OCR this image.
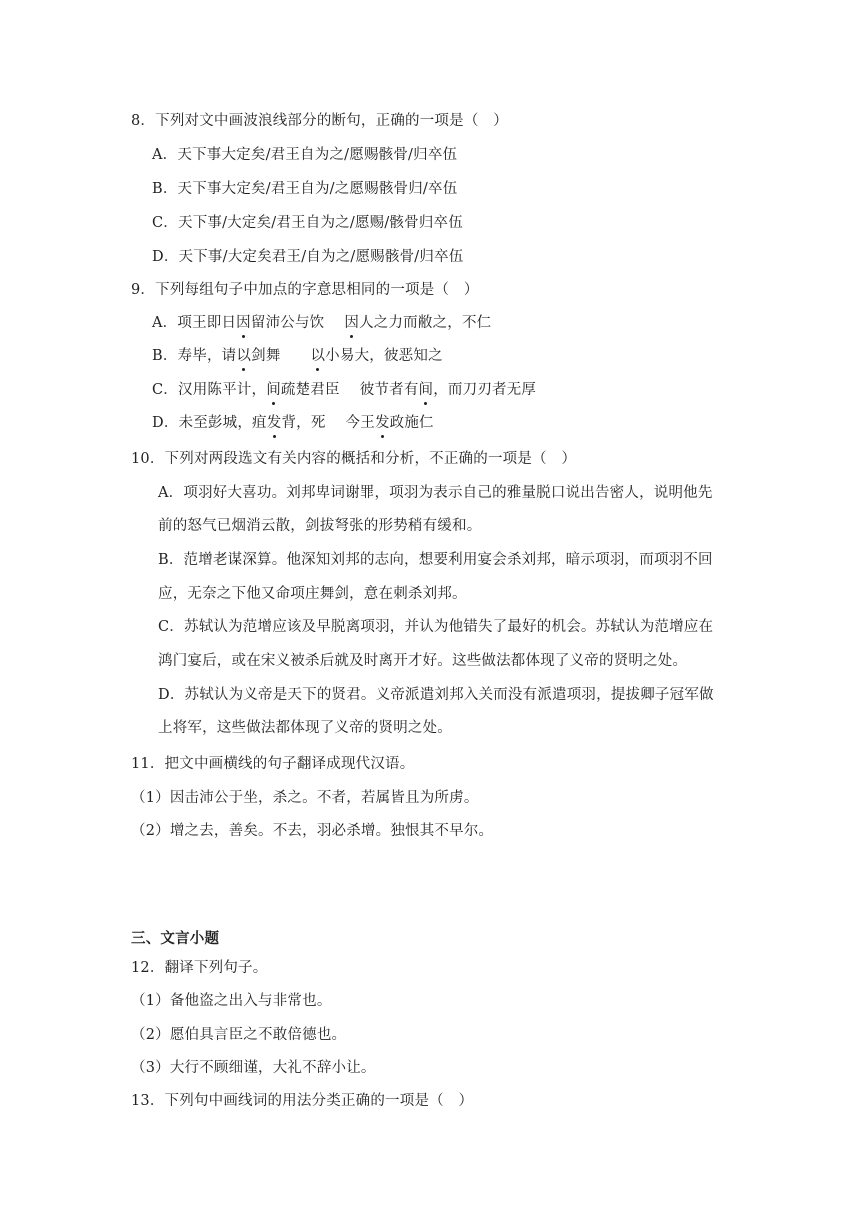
8．下列对文中画波浪线部分的断句，正确的一项是（　）
A．天下事大定矣/君王自为之/愿赐骸骨/归卒伍
B．天下事大定矣/君王自为/之愿赐骸骨归/卒伍
C．天下事/大定矣/君王自为之/愿赐/骸骨归卒伍
D．天下事/大定矣君王/自为之/愿赐骸骨/归卒伍
9．下列每组句子中加点的字意思相同的一项是（　）
A．项王即日因留沛公与饮 因人之力而敝之，不仁
B．寿毕，请以剑舞 以小易大，彼恶知之
C．汉用陈平计，间疏楚君臣 彼节者有间，而刀刃者无厚
D．未至彭城，疽发背，死 今王发政施仁
10．下列对两段选文有关内容的概括和分析，不正确的一项是（　）
A．项羽好大喜功。刘邦卑词谢罪，项羽为表示自己的雅量脱口说出告密人，说明他先
前的怒气已烟消云散，剑拔弩张的形势稍有缓和。
B．范增老谋深算。他深知刘邦的志向，想要利用宴会杀刘邦，暗示项羽，而项羽不回
应，无奈之下他又命项庄舞剑，意在刺杀刘邦。
C．苏轼认为范增应该及早脱离项羽，并认为他错失了最好的机会。苏轼认为范增应在
鸿门宴后，或在宋义被杀后就及时离开才好。这些做法都体现了义帝的贤明之处。
D．苏轼认为义帝是天下的贤君。义帝派遣刘邦入关而没有派遣项羽，提拔卿子冠军做
上将军，这些做法都体现了义帝的贤明之处。
11．把文中画横线的句子翻译成现代汉语。
（1）因击沛公于坐，杀之。不者，若属皆且为所虏。
（2）增之去，善矣。不去，羽必杀增。独恨其不早尔。
三、文言小题
12．翻译下列句子。
（1）备他盗之出入与非常也。
（2）愿伯具言臣之不敢倍德也。
（3）大行不顾细谨，大礼不辞小让。
13．下列句中画线词的用法分类正确的一项是（　）
